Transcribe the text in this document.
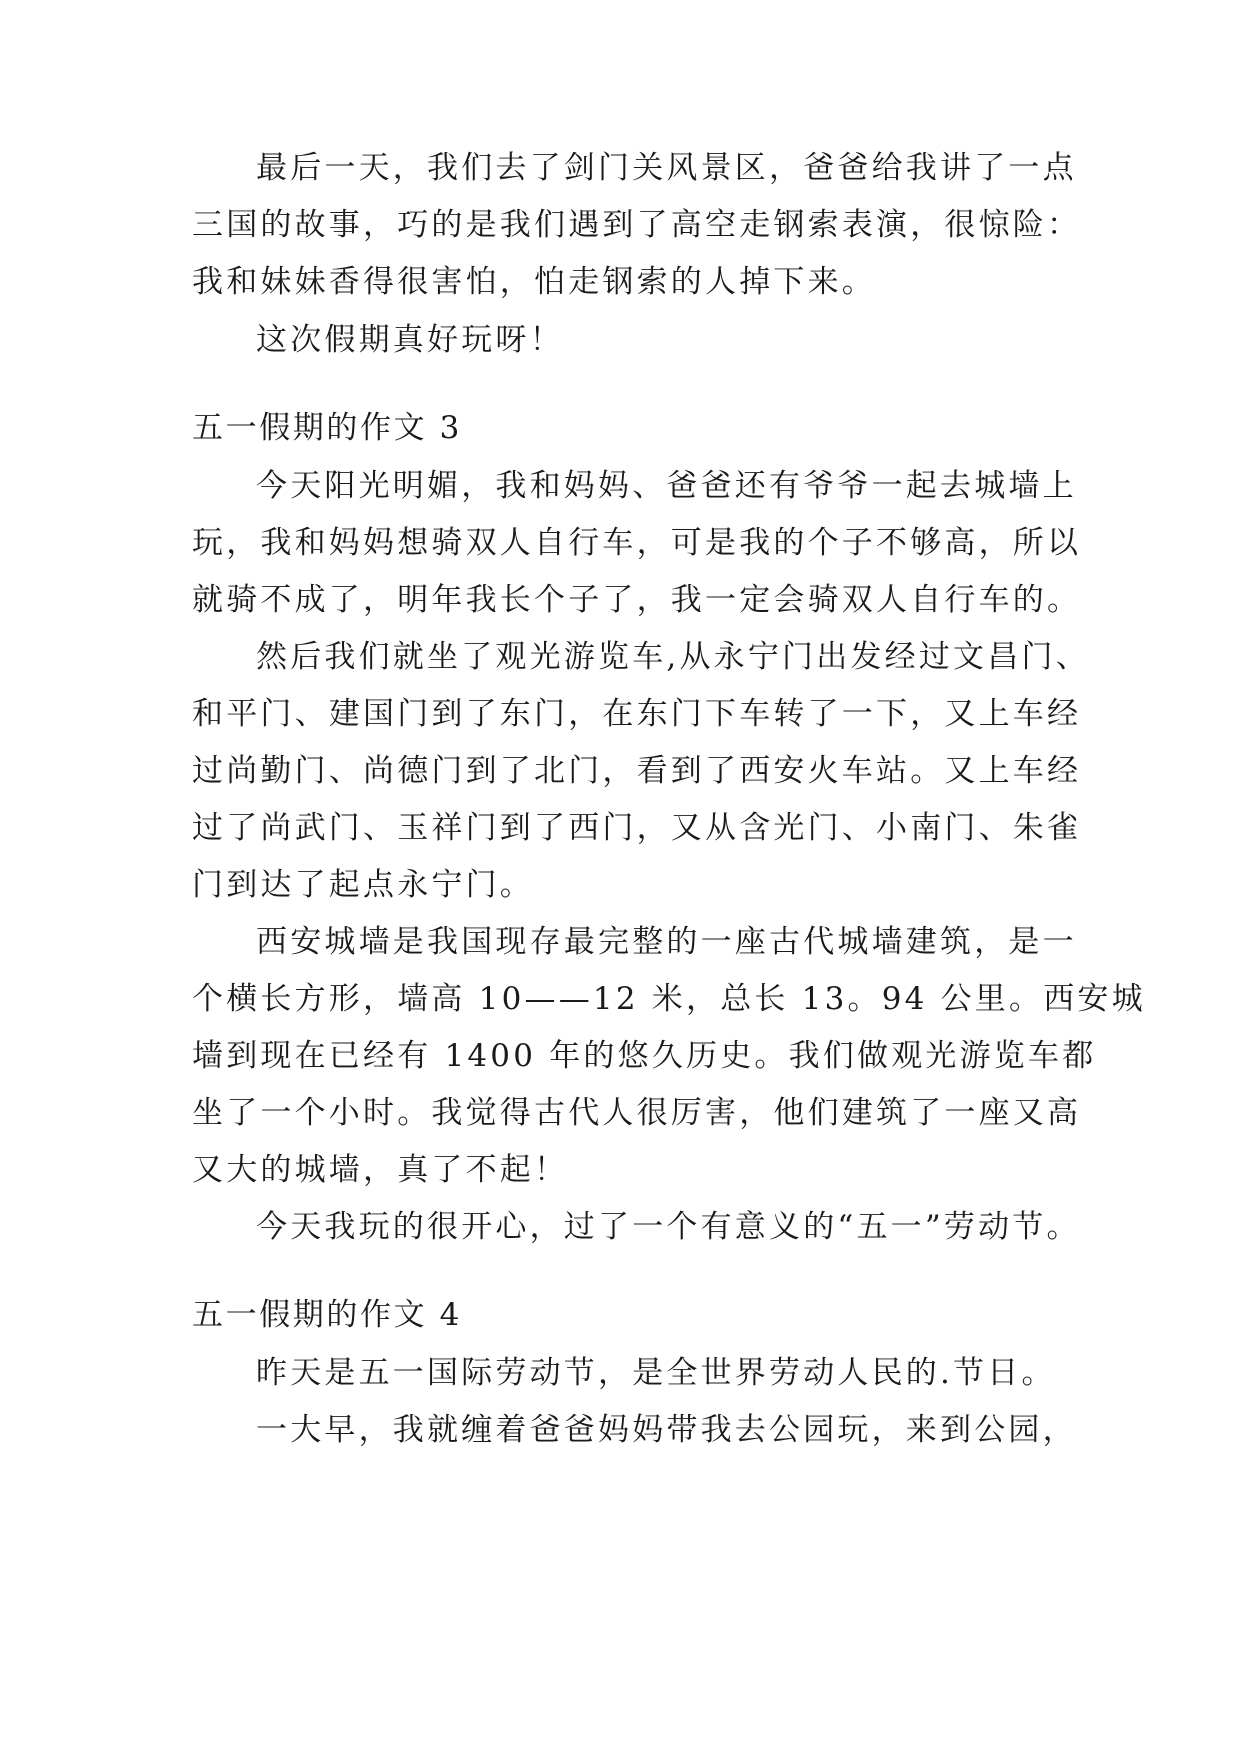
最后一天，我们去了剑门关风景区，爸爸给我讲了一点
三国的故事，巧的是我们遇到了高空走钢索表演，很惊险：
我和妹妹香得很害怕，怕走钢索的人掉下来。
这次假期真好玩呀！
五一假期的作文 3
今天阳光明媚，我和妈妈、爸爸还有爷爷一起去城墙上
玩，我和妈妈想骑双人自行车，可是我的个子不够高，所以
就骑不成了，明年我长个子了，我一定会骑双人自行车的。
然后我们就坐了观光游览车,从永宁门出发经过文昌门、
和平门、建国门到了东门，在东门下车转了一下，又上车经
过尚勤门、尚德门到了北门，看到了西安火车站。又上车经
过了尚武门、玉祥门到了西门，又从含光门、小南门、朱雀
门到达了起点永宁门。
西安城墙是我国现存最完整的一座古代城墙建筑，是一
个横长方形，墙高 10——12 米，总长 13。94 公里。西安城
墙到现在已经有 1400 年的悠久历史。我们做观光游览车都
坐了一个小时。我觉得古代人很厉害，他们建筑了一座又高
又大的城墙，真了不起！
今天我玩的很开心，过了一个有意义的“五一”劳动节。
五一假期的作文 4
昨天是五一国际劳动节，是全世界劳动人民的.节日。
一大早，我就缠着爸爸妈妈带我去公园玩，来到公园，
